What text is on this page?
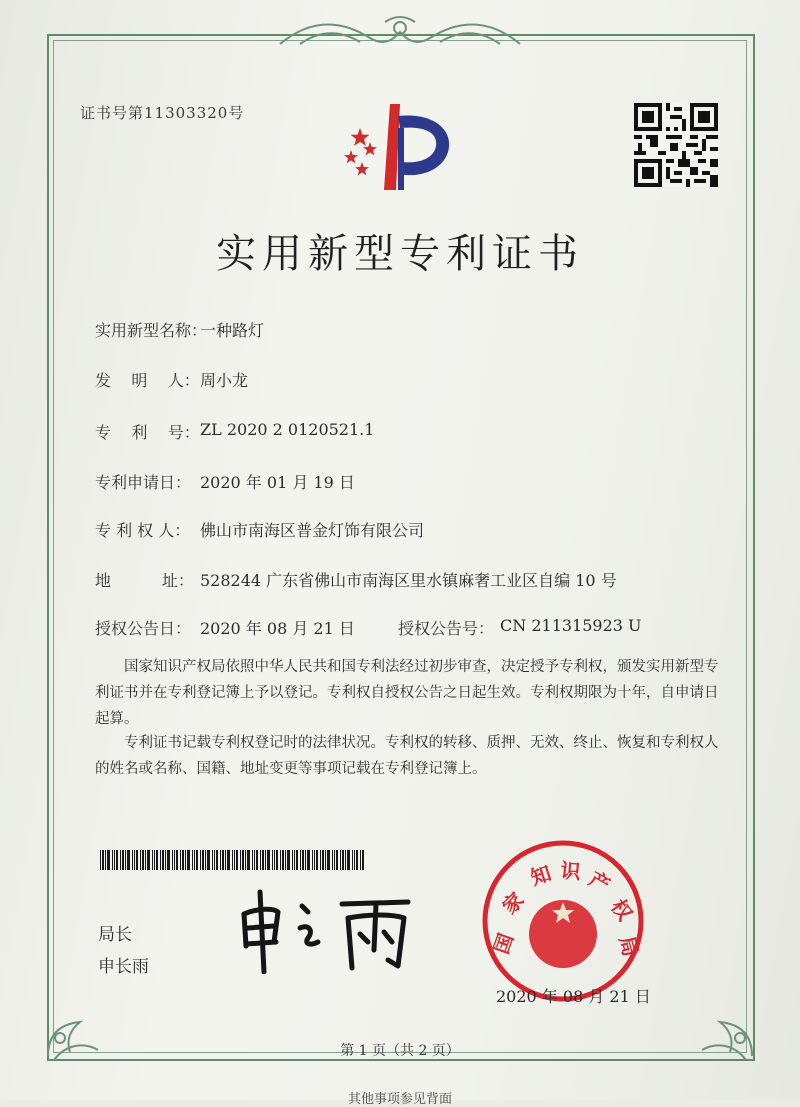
证书号第11303320号
实用新型专利证书
实用新型名称：
一种路灯
发    明    人： 周小龙
专    利    号： ZL 2020 2 0120521.1
专利申请日： 2020 年 01 月 19 日
专 利 权 人： 佛山市南海区普金灯饰有限公司
地          址： 528244 广东省佛山市南海区里水镇麻奢工业区自编 10 号
授权公告日： 2020 年 08 月 21 日	授权公告号： CN 211315923 U
国家知识产权局依照中华人民共和国专利法经过初步审查，决定授予专利权，颁发实用新型专利证书并在专利登记簿上予以登记。专利权自授权公告之日起生效。专利权期限为十年，自申请日起算。
专利证书记载专利权登记时的法律状况。专利权的转移、质押、无效、终止、恢复和专利权人的姓名或名称、国籍、地址变更等事项记载在专利登记簿上。
局长
申长雨
国
家
知 识 产
权
局
2020 年 08 月 21 日
第 1 页（共 2 页）
其他事项参见背面
